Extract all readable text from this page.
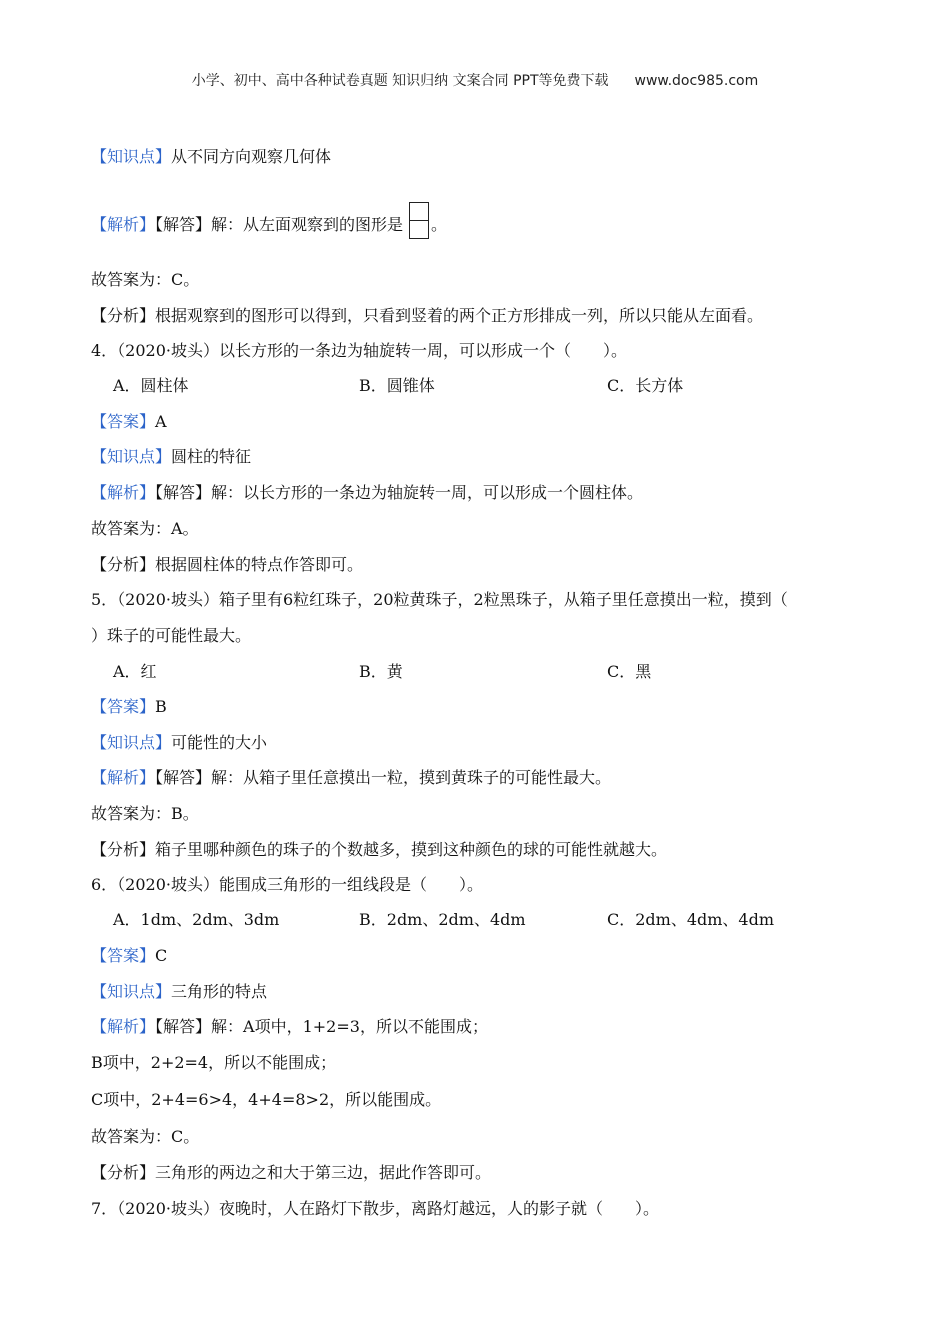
小学、初中、高中各种试卷真题 知识归纳 文案合同 PPT等免费下载 www.doc985.com
【知识点】从不同方向观察几何体
【解析】【解答】解：从左面观察到的图形是 。
故答案为：C。
【分析】根据观察到的图形可以得到，只看到竖着的两个正方形排成一列，所以只能从左面看。
4．（2020·坡头）以长方形的一条边为轴旋转一周，可以形成一个（　　）。
A．圆柱体	B．圆锥体	C．长方体
【答案】A
【知识点】圆柱的特征
【解析】【解答】解：以长方形的一条边为轴旋转一周，可以形成一个圆柱体。
故答案为：A。
【分析】根据圆柱体的特点作答即可。
5．（2020·坡头）箱子里有6粒红珠子，20粒黄珠子，2粒黑珠子，从箱子里任意摸出一粒，摸到（
）珠子的可能性最大。
A．红	B．黄	C．黑
【答案】B
【知识点】可能性的大小
【解析】【解答】解：从箱子里任意摸出一粒，摸到黄珠子的可能性最大。
故答案为：B。
【分析】箱子里哪种颜色的珠子的个数越多，摸到这种颜色的球的可能性就越大。
6．（2020·坡头）能围成三角形的一组线段是（　　）。
A．1dm、2dm、3dm	B．2dm、2dm、4dm	C．2dm、4dm、4dm
【答案】C
【知识点】三角形的特点
【解析】【解答】解：A项中，1+2=3，所以不能围成；
B项中，2+2=4，所以不能围成；
C项中，2+4=6>4，4+4=8>2，所以能围成。
故答案为：C。
【分析】三角形的两边之和大于第三边，据此作答即可。
7．（2020·坡头）夜晚时，人在路灯下散步，离路灯越远，人的影子就（　　）。
